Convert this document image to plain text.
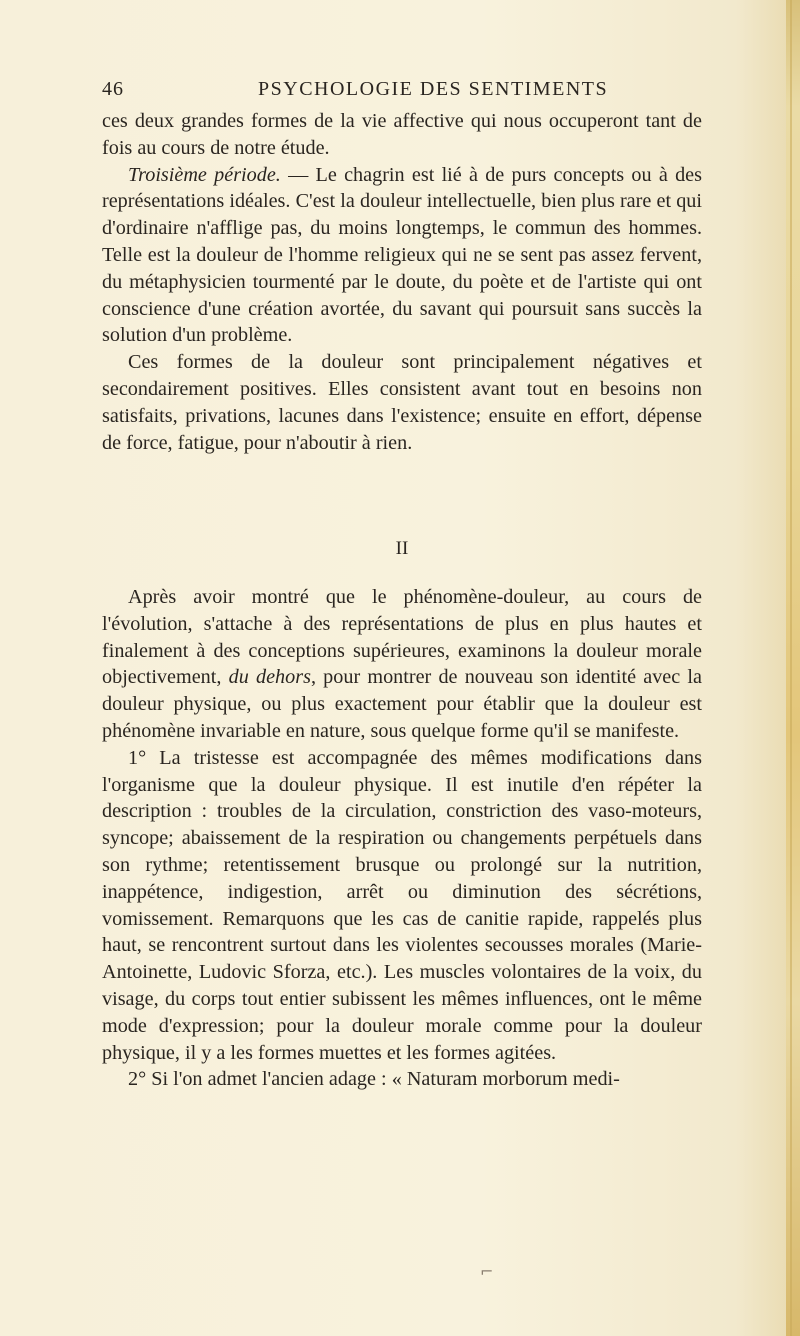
46	PSYCHOLOGIE DES SENTIMENTS

ces deux grandes formes de la vie affective qui nous occuperont tant de fois au cours de notre étude.

Troisième période. — Le chagrin est lié à de purs concepts ou à des représentations idéales. C'est la douleur intellectuelle, bien plus rare et qui d'ordinaire n'afflige pas, du moins longtemps, le commun des hommes. Telle est la douleur de l'homme religieux qui ne se sent pas assez fervent, du métaphysicien tourmenté par le doute, du poète et de l'artiste qui ont conscience d'une création avortée, du savant qui poursuit sans succès la solution d'un problème.

Ces formes de la douleur sont principalement négatives et secondairement positives. Elles consistent avant tout en besoins non satisfaits, privations, lacunes dans l'existence; ensuite en effort, dépense de force, fatigue, pour n'aboutir à rien.

II

Après avoir montré que le phénomène-douleur, au cours de l'évolution, s'attache à des représentations de plus en plus hautes et finalement à des conceptions supérieures, examinons la douleur morale objectivement, du dehors, pour montrer de nouveau son identité avec la douleur physique, ou plus exactement pour établir que la douleur est phénomène invariable en nature, sous quelque forme qu'il se manifeste.

1° La tristesse est accompagnée des mêmes modifications dans l'organisme que la douleur physique. Il est inutile d'en répéter la description : troubles de la circulation, constriction des vaso-moteurs, syncope; abaissement de la respiration ou changements perpétuels dans son rythme; retentissement brusque ou prolongé sur la nutrition, inappétence, indigestion, arrêt ou diminution des sécrétions, vomissement. Remarquons que les cas de canitie rapide, rappelés plus haut, se rencontrent surtout dans les violentes secousses morales (Marie-Antoinette, Ludovic Sforza, etc.). Les muscles volontaires de la voix, du visage, du corps tout entier subissent les mêmes influences, ont le même mode d'expression; pour la douleur morale comme pour la douleur physique, il y a les formes muettes et les formes agitées.

2° Si l'on admet l'ancien adage : « Naturam morborum medi-

⌐
